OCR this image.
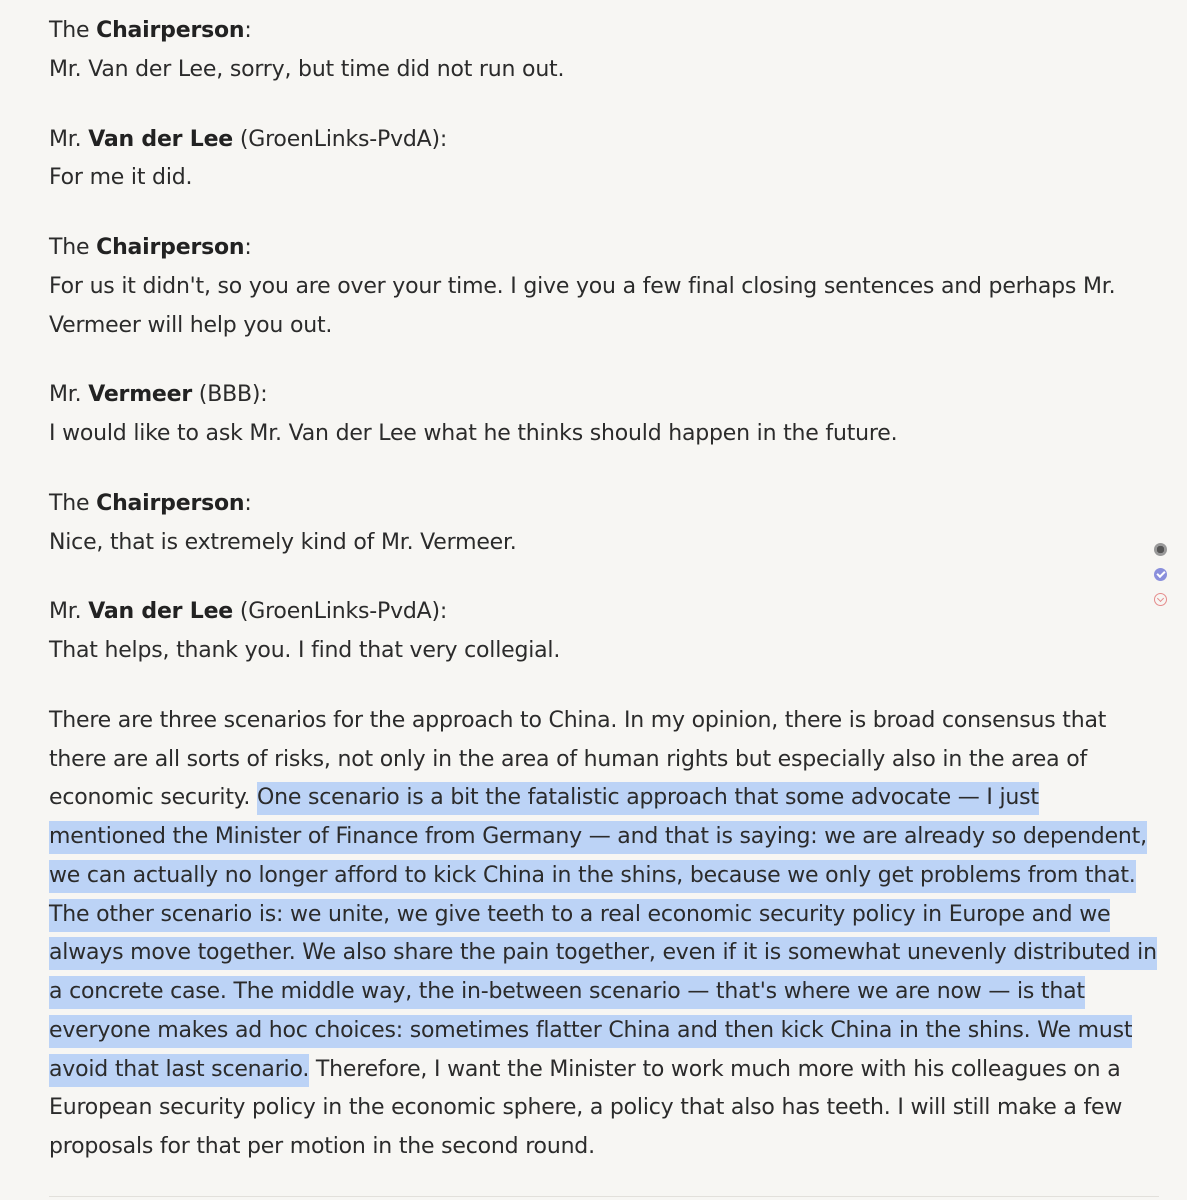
The Chairperson:

Mr. Van der Lee, sorry, but time did not run out.

Mr. Van der Lee (GroenLinks-PvdA):

For me it did.

The Chairperson:

For us it didn't, so you are over your time. I give you a few final closing sentences and perhaps Mr. Vermeer will help you out.

Mr. Vermeer (BBB):

I would like to ask Mr. Van der Lee what he thinks should happen in the future.

The Chairperson:

Nice, that is extremely kind of Mr. Vermeer.

Mr. Van der Lee (GroenLinks-PvdA):

That helps, thank you. I find that very collegial.

There are three scenarios for the approach to China. In my opinion, there is broad consensus that there are all sorts of risks, not only in the area of human rights but especially also in the area of economic security. One scenario is a bit the fatalistic approach that some advocate — I just mentioned the Minister of Finance from Germany — and that is saying: we are already so dependent, we can actually no longer afford to kick China in the shins, because we only get problems from that. The other scenario is: we unite, we give teeth to a real economic security policy in Europe and we always move together. We also share the pain together, even if it is somewhat unevenly distributed in a concrete case. The middle way, the in-between scenario — that's where we are now — is that everyone makes ad hoc choices: sometimes flatter China and then kick China in the shins. We must avoid that last scenario. Therefore, I want the Minister to work much more with his colleagues on a European security policy in the economic sphere, a policy that also has teeth. I will still make a few proposals for that per motion in the second round.
